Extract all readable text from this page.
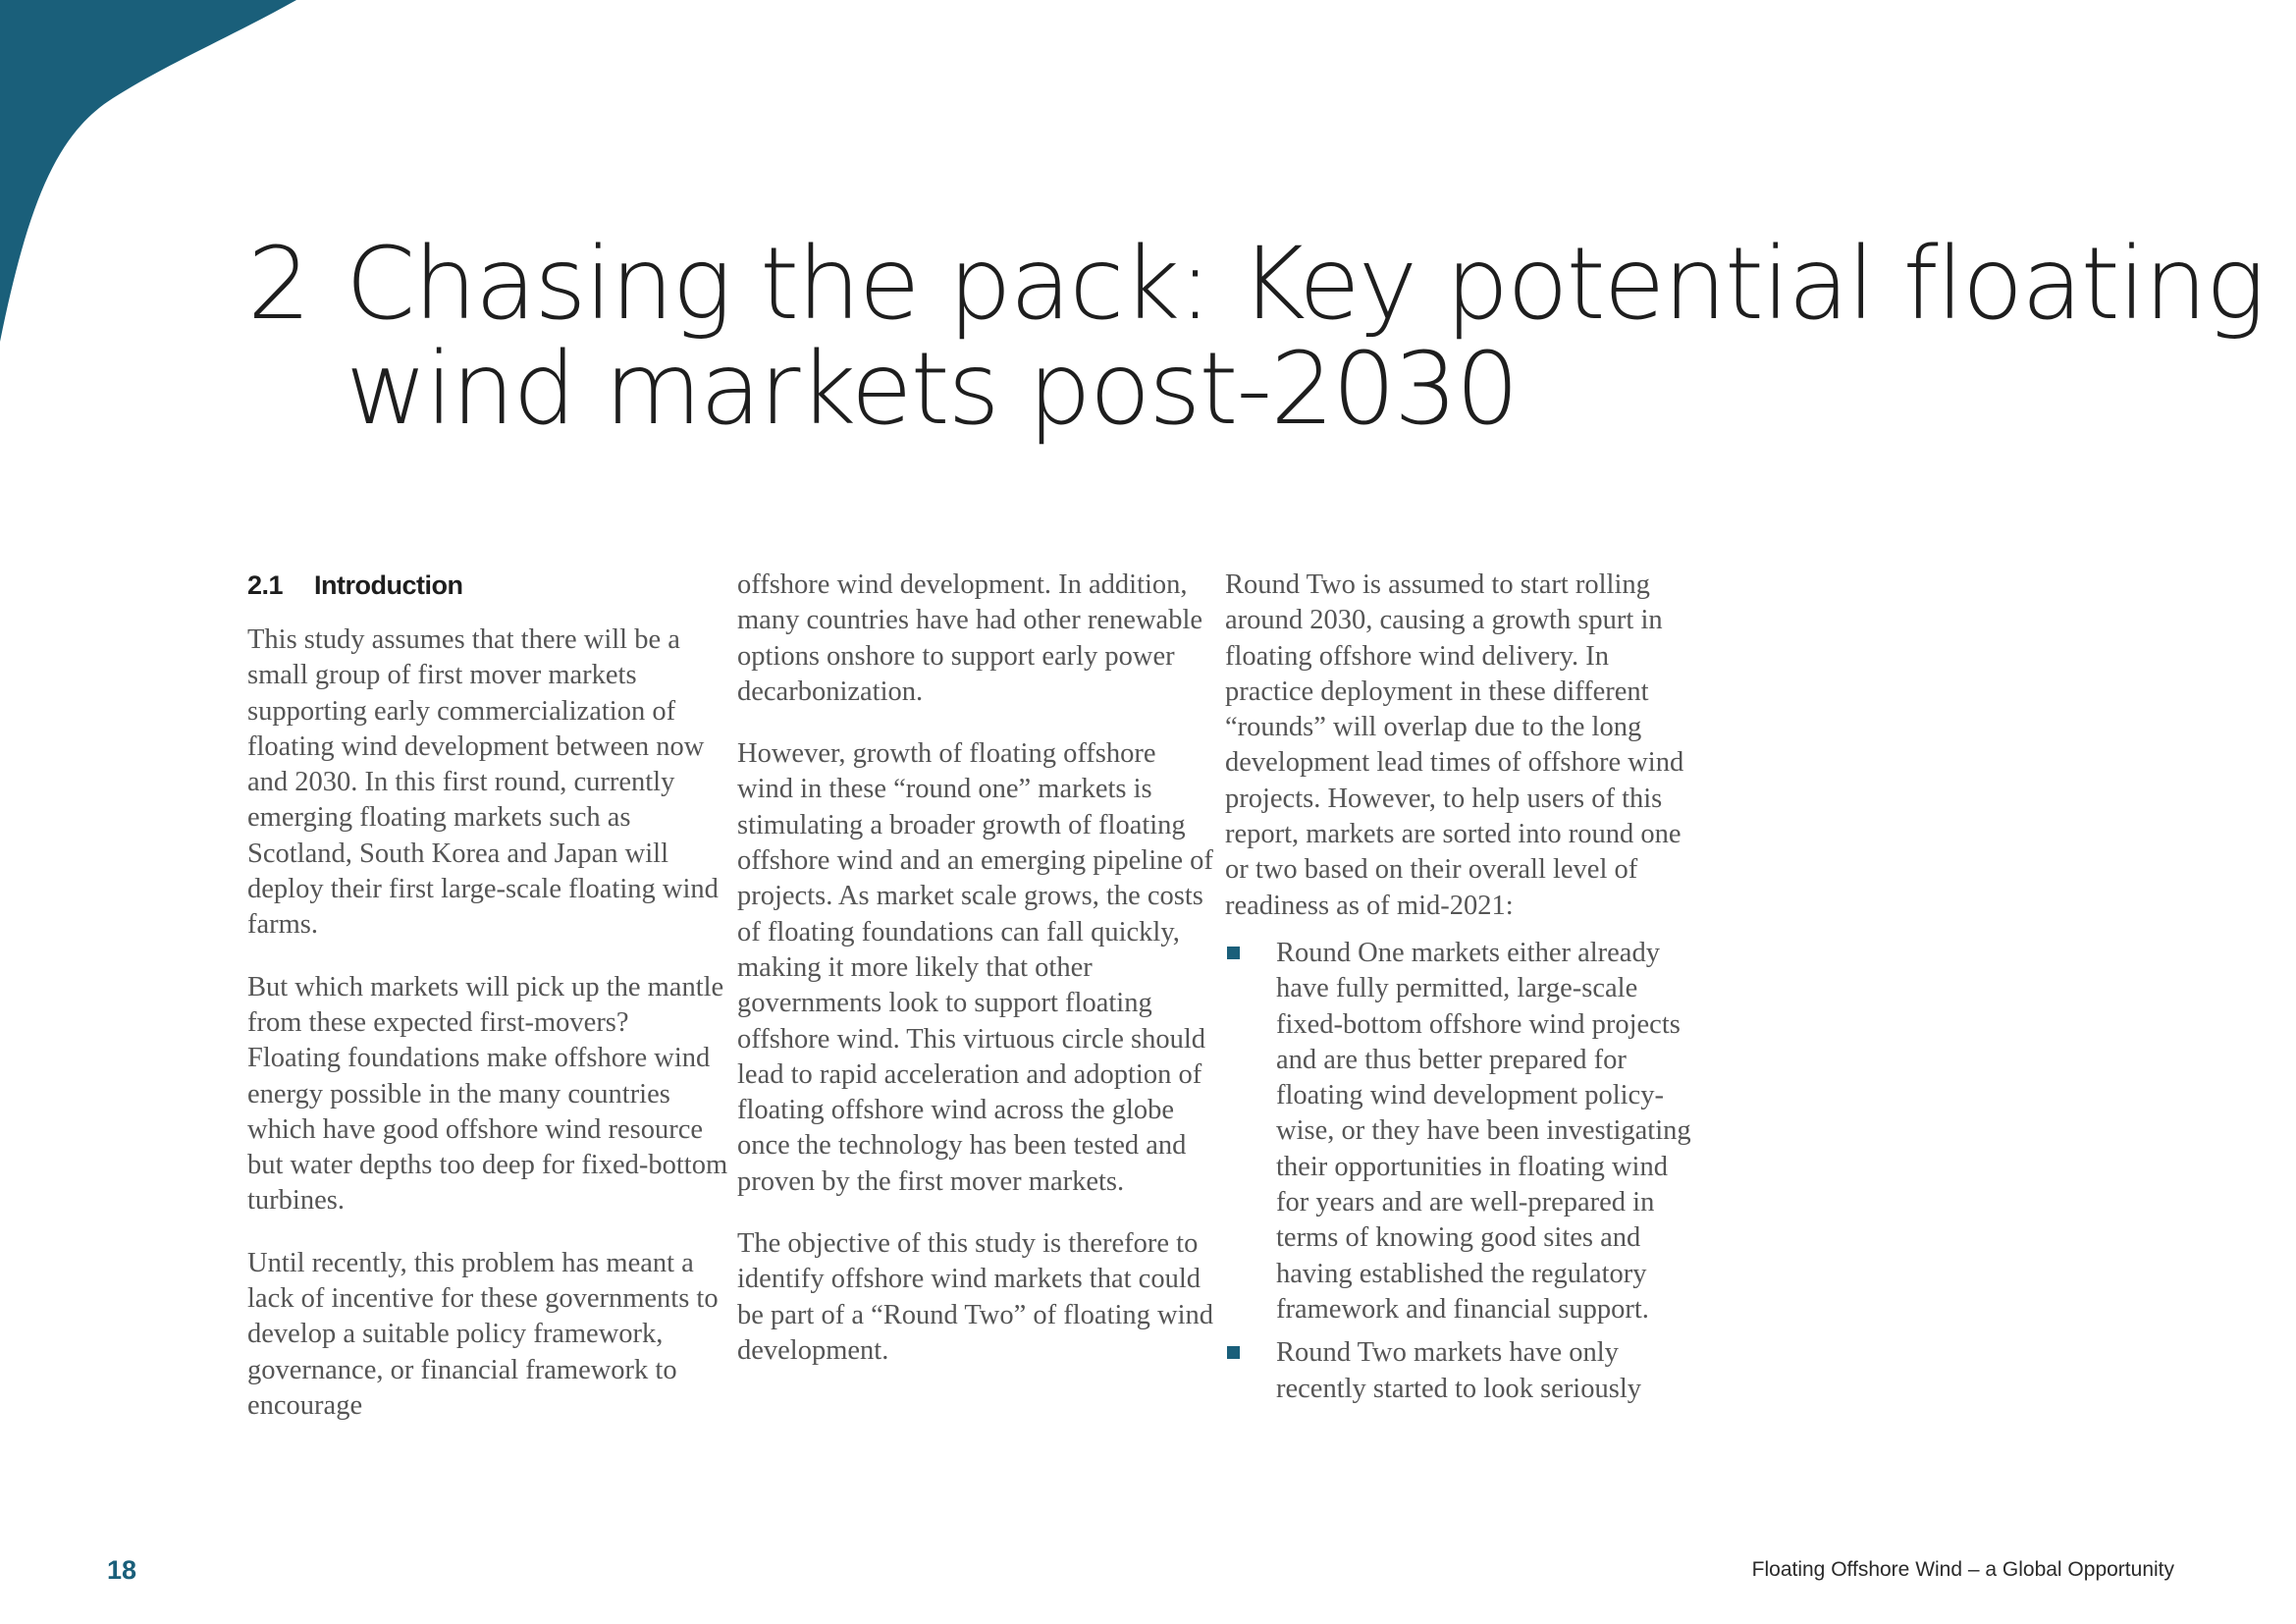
2 Chasing the pack: Key potential floating
wind markets post-2030
2.1 Introduction

This study assumes that there will be a small group of first mover markets supporting early commercialization of floating wind development between now and 2030. In this first round, currently emerging floating markets such as Scotland, South Korea and Japan will deploy their first large-scale floating wind farms.

But which markets will pick up the mantle from these expected first-movers? Floating foundations make offshore wind energy possible in the many countries which have good offshore wind resource but water depths too deep for fixed-bottom turbines.

Until recently, this problem has meant a lack of incentive for these governments to develop a suitable policy framework, governance, or financial framework to encourage

offshore wind development. In addition, many countries have had other renewable options onshore to support early power decarbonization.

However, growth of floating offshore wind in these “round one” markets is stimulating a broader growth of floating offshore wind and an emerging pipeline of projects. As market scale grows, the costs of floating foundations can fall quickly, making it more likely that other governments look to support floating offshore wind. This virtuous circle should lead to rapid acceleration and adoption of floating offshore wind across the globe once the technology has been tested and proven by the first mover markets.

The objective of this study is therefore to identify offshore wind markets that could be part of a “Round Two” of floating wind development.

Round Two is assumed to start rolling around 2030, causing a growth spurt in floating offshore wind delivery. In practice deployment in these different “rounds” will overlap due to the long development lead times of offshore wind projects. However, to help users of this report, markets are sorted into round one or two based on their overall level of readiness as of mid-2021:

Round One markets either already have fully permitted, large-scale fixed-bottom offshore wind projects and are thus better prepared for floating wind development policy-wise, or they have been investigating their opportunities in floating wind for years and are well-prepared in terms of knowing good sites and having established the regulatory framework and financial support.
Round Two markets have only recently started to look seriously
18	Floating Offshore Wind – a Global Opportunity
